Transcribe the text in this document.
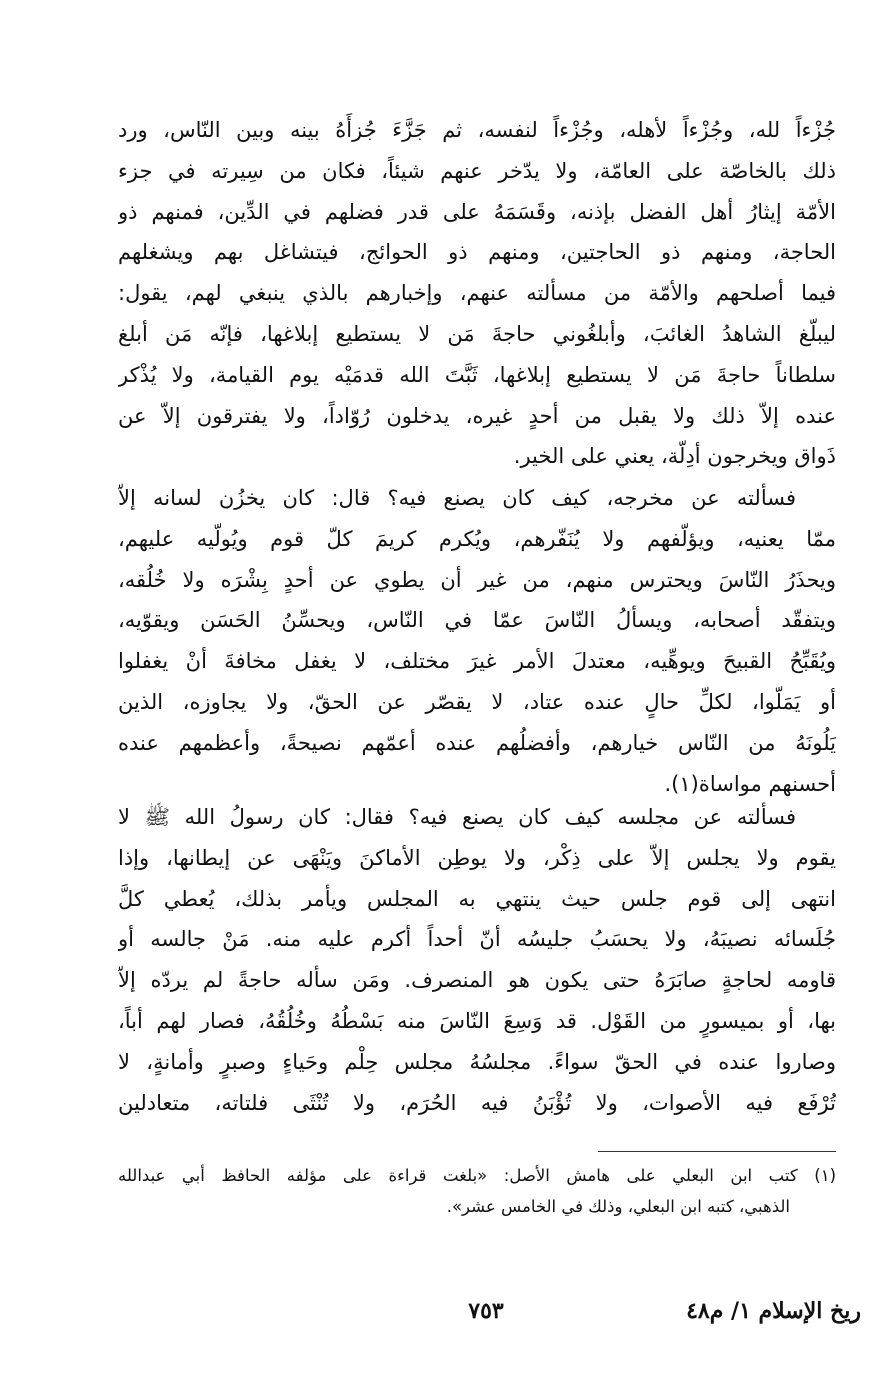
جُزْءاً لله، وجُزْءاً لأهله، وجُزْءاً لنفسه، ثم جَزَّءَ جُزأَهُ بينه وبين النّاس، ورد
ذلك بالخاصّة على العامّة، ولا يدّخر عنهم شيئاً، فكان من سِيرته في جزء
الأمّة إيثارُ أهل الفضل بإذنه، وقَسَمَهُ على قدر فضلهم في الدِّين، فمنهم ذو
الحاجة، ومنهم ذو الحاجتين، ومنهم ذو الحوائج، فيتشاغل بهم ويشغلهم
فيما أصلحهم والأمّة من مسألته عنهم، وإخبارهم بالذي ينبغي لهم، يقول:
ليبلّغ الشاهدُ الغائبَ، وأبلغُوني حاجةَ مَن لا يستطيع إبلاغها، فإنّه مَن أبلغ
سلطاناً حاجةَ مَن لا يستطيع إبلاغها، ثَبَّتَ الله قدمَيْه يوم القيامة، ولا يُذْكر
عنده إلاّ ذلك ولا يقبل من أحدٍ غيره، يدخلون رُوّاداً، ولا يفترقون إلاّ عن
ذَواق ويخرجون أدِلّة، يعني على الخير.
فسألته عن مخرجه، كيف كان يصنع فيه؟ قال: كان يخزُن لسانه إلاّ
ممّا يعنيه، ويؤلّفهم ولا يُنَفّرهم، ويُكرم كريمَ كلّ قوم ويُولّيه عليهم،
ويحذَرُ النّاسَ ويحترس منهم، من غير أن يطوي عن أحدٍ بِشْرَه ولا خُلُقه،
ويتفقّد أصحابه، ويسألُ النّاسَ عمّا في النّاس، ويحسِّنُ الحَسَن ويقوّيه،
ويُقَبِّحُ القبيحَ ويوهِّيه، معتدلَ الأمر غيرَ مختلف، لا يغفل مخافةَ أنْ يغفلوا
أو يَمَلّوا، لكلِّ حالٍ عنده عتاد، لا يقصّر عن الحقّ، ولا يجاوزه، الذين
يَلُونَهُ من النّاس خيارهم، وأفضلُهم عنده أعمّهم نصيحةً، وأعظمهم عنده
أحسنهم مواساة(١).
فسألته عن مجلسه كيف كان يصنع فيه؟ فقال: كان رسولُ الله ﷺ لا
يقوم ولا يجلس إلاّ على ذِكْر، ولا يوطِن الأماكنَ ويَنْهَى عن إيطانها، وإذا
انتهى إلى قوم جلس حيث ينتهي به المجلس ويأمر بذلك، يُعطي كلَّ
جُلَسائه نصيبَهُ، ولا يحسَبُ جليسُه أنّ أحداً أكرم عليه منه. مَنْ جالسه أو
قاومه لحاجةٍ صابَرَهُ حتى يكون هو المنصرف. ومَن سأله حاجةً لم يردّه إلاّ
بها، أو بميسورٍ من القَوْل. قد وَسِعَ النّاسَ منه بَسْطُهُ وخُلُقُهُ، فصار لهم أباً،
وصاروا عنده في الحقّ سواءً. مجلسُهُ مجلس حِلْم وحَياءٍ وصبرٍ وأمانةٍ، لا
تُرْفَع فيه الأصوات، ولا تُؤْبَنُ فيه الحُرَم، ولا تُنْثَى فلتاته، متعادلين
(١) كتب ابن البعلي على هامش الأصل: «بلغت قراءة على مؤلفه الحافظ أبي عبدالله
الذهبي، كتبه ابن البعلي، وذلك في الخامس عشر».
ريخ الإسلام ١/ م٤٨
٧٥٣
